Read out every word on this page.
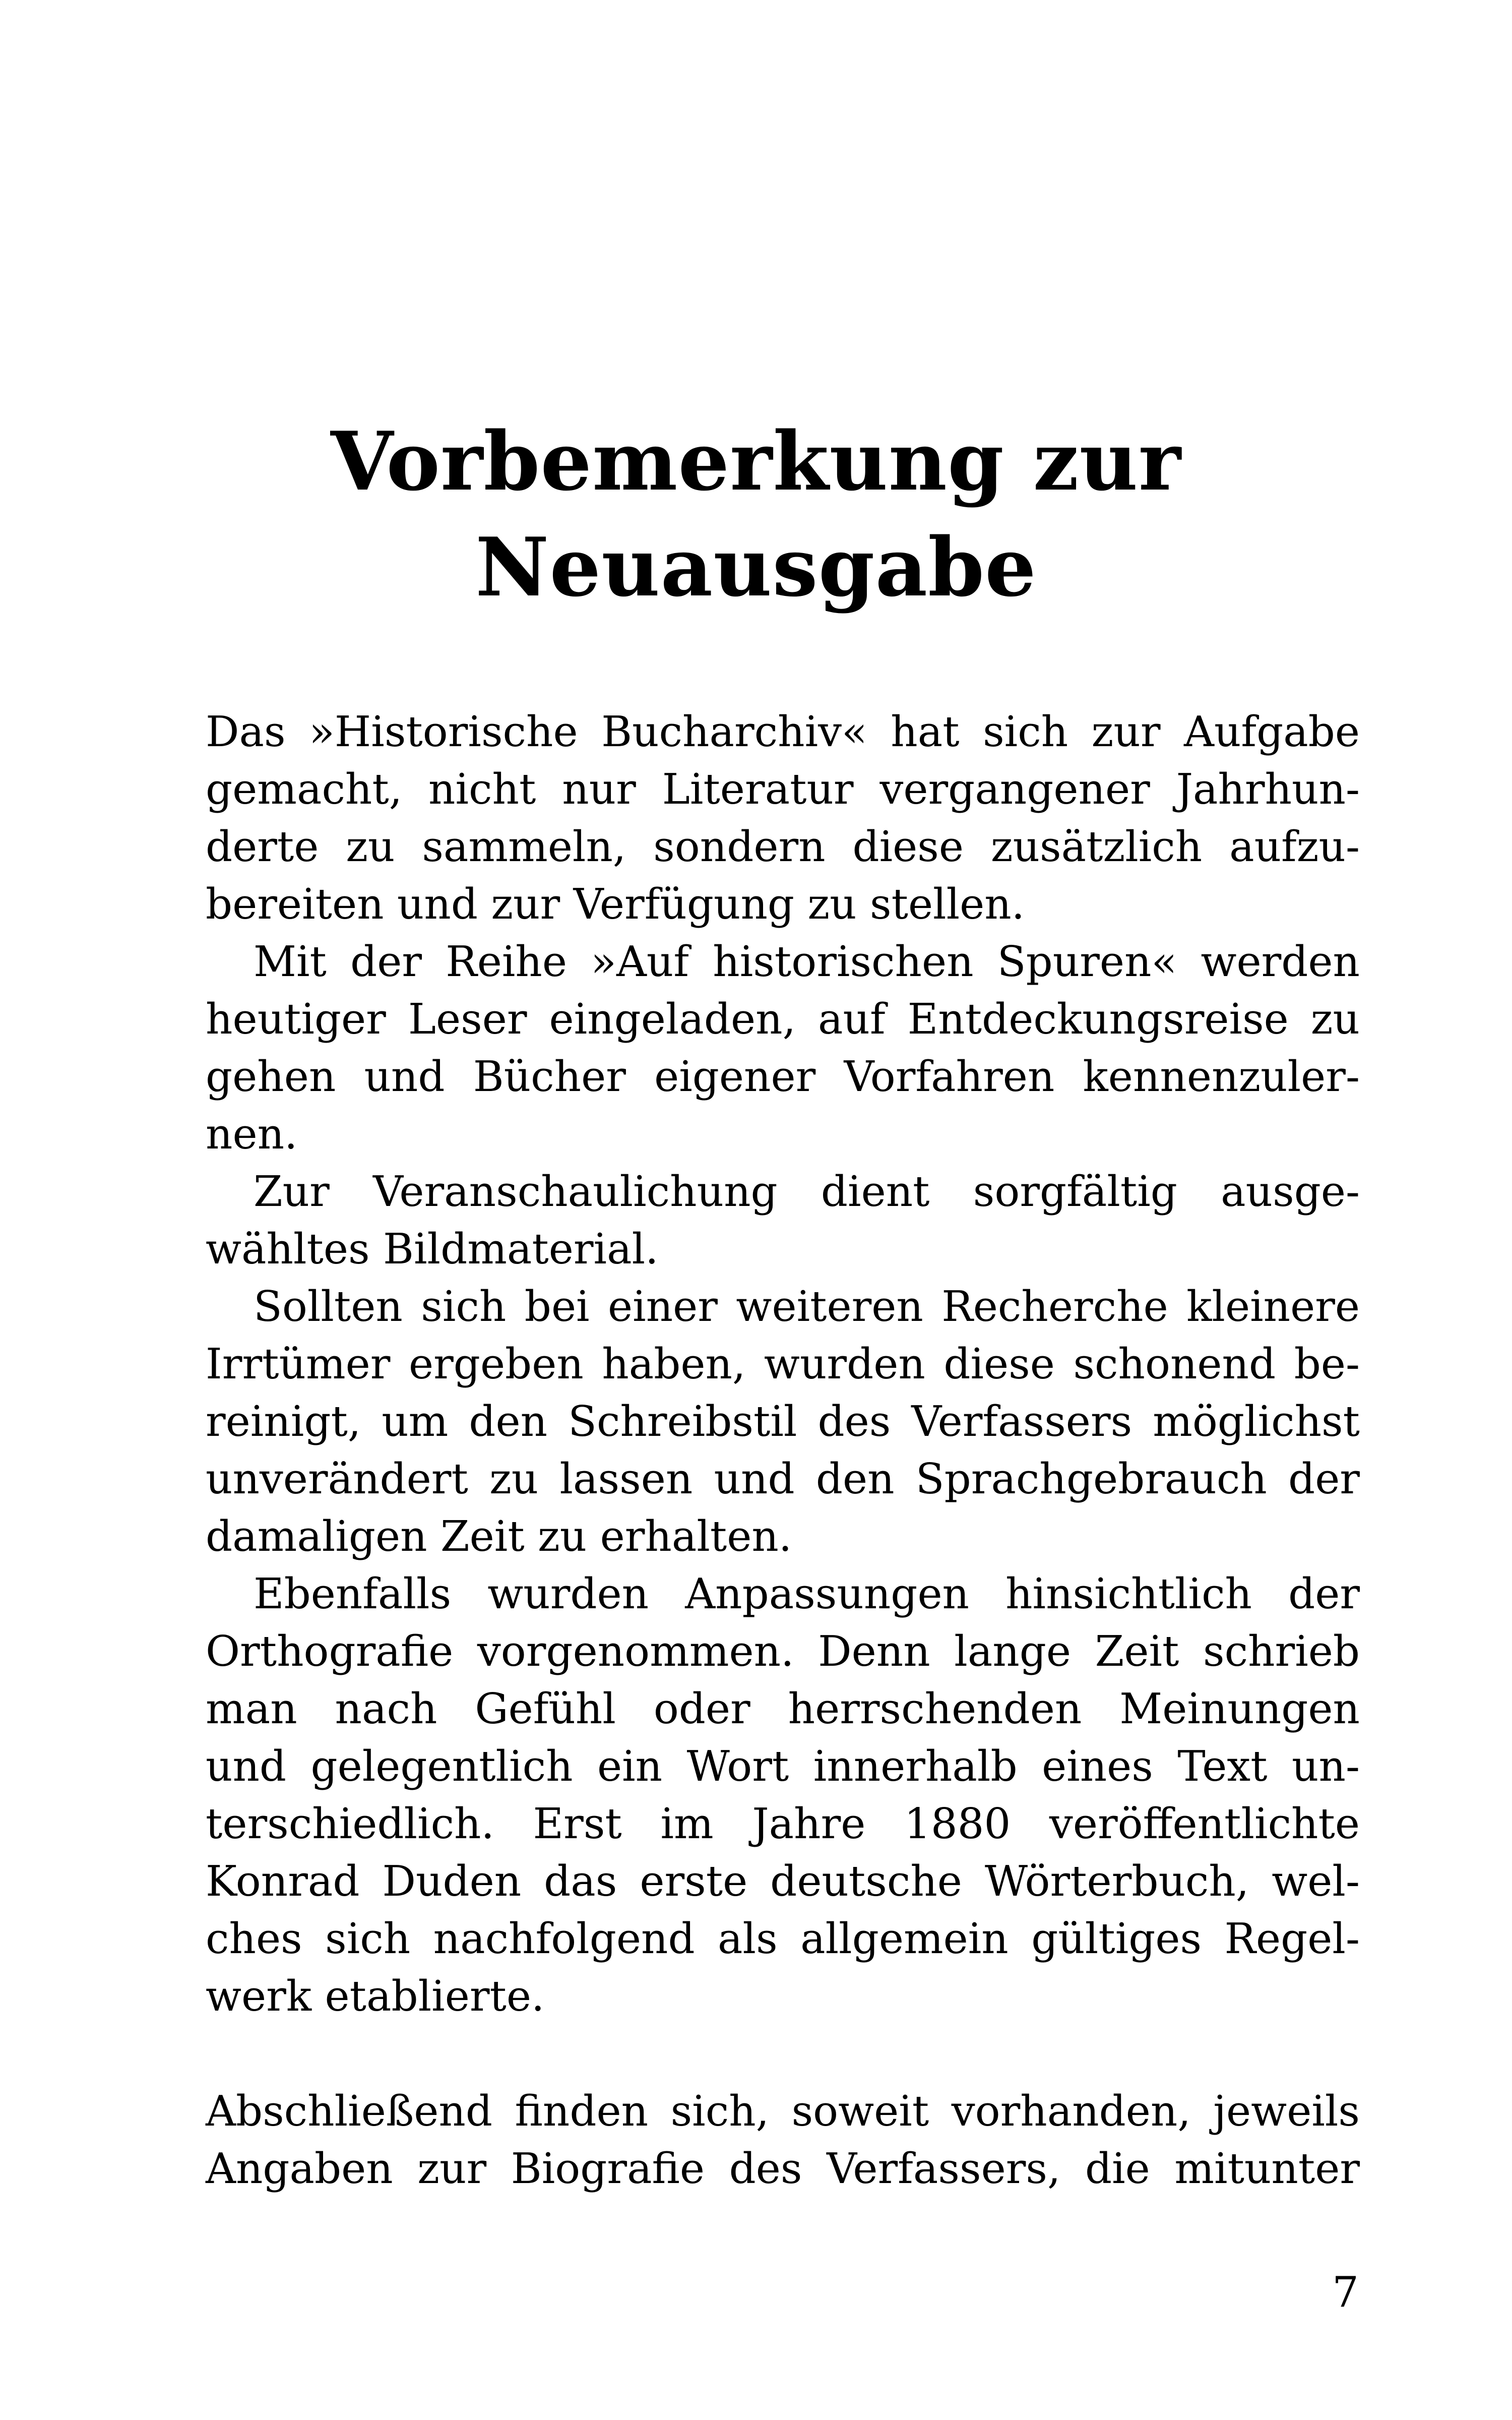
Vorbemerkung zur
Neuausgabe
Das »Historische Bucharchiv« hat sich zur Aufgabe
gemacht, nicht nur Literatur vergangener Jahrhun-
derte zu sammeln, sondern diese zusätzlich aufzu-
bereiten und zur Verfügung zu stellen.
Mit der Reihe »Auf historischen Spuren« werden
heutiger Leser eingeladen, auf Entdeckungsreise zu
gehen und Bücher eigener Vorfahren kennenzuler-
nen.
Zur Veranschaulichung dient sorgfältig ausge-
wähltes Bildmaterial.
Sollten sich bei einer weiteren Recherche kleinere
Irrtümer ergeben haben, wurden diese schonend be-
reinigt, um den Schreibstil des Verfassers möglichst
unverändert zu lassen und den Sprachgebrauch der
damaligen Zeit zu erhalten.
Ebenfalls wurden Anpassungen hinsichtlich der
Orthografie vorgenommen. Denn lange Zeit schrieb
man nach Gefühl oder herrschenden Meinungen
und gelegentlich ein Wort innerhalb eines Text un-
terschiedlich. Erst im Jahre 1880 veröffentlichte
Konrad Duden das erste deutsche Wörterbuch, wel-
ches sich nachfolgend als allgemein gültiges Regel-
werk etablierte.
Abschließend finden sich, soweit vorhanden, jeweils
Angaben zur Biografie des Verfassers, die mitunter
7
